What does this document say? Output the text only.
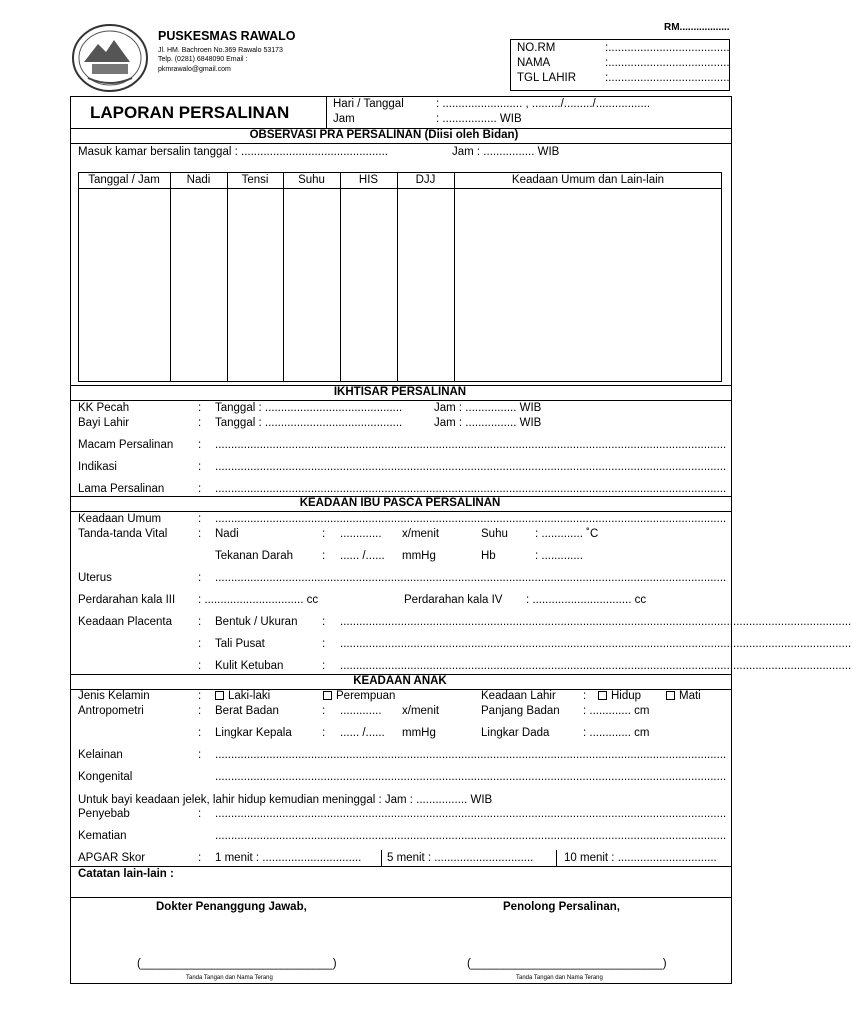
PUSKESMAS RAWALO
Jl. HM. Bachroen No.369 Rawalo 53173
Telp. (0281) 6848090 Email :
pkmrawalo@gmail.com
RM..................
NO.RM	:......................................
NAMA	:......................................
TGL LAHIR	:......................................
LAPORAN PERSALINAN	Hari / Tanggal	: ......................... , ........./........./.................
Jam	: ................. WIB
OBSERVASI PRA PERSALINAN (Diisi oleh Bidan)
Masuk kamar bersalin tanggal : ..............................................	Jam : ................ WIB
Tanggal / Jam	Nadi	Tensi	Suhu	HIS	DJJ	Keadaan Umum dan Lain-lain
IKHTISAR PERSALINAN
KK Pecah	: Tanggal : ...........................................	Jam : ................ WIB
Bayi Lahir	: Tanggal : ...........................................	Jam : ................ WIB
Macam Persalinan : ................................................................................................................................................................
Indikasi	: ................................................................................................................................................................
Lama Persalinan	: ................................................................................................................................................................
KEADAAN IBU PASCA PERSALINAN
Keadaan Umum	: ................................................................................................................................................................
Tanda-tanda Vital	: Nadi	: ............. x/menit	Suhu : ............. ˚C
Tekanan Darah	: ...... /...... mmHg	Hb	: .............
Uterus	: ................................................................................................................................................................
Perdarahan kala III : ............................... cc	Perdarahan kala IV : ............................... cc
Keadaan Placenta : Bentuk / Ukuran : ................................................................................................................................................................
: Tali Pusat	: ................................................................................................................................................................
: Kulit Ketuban	: ................................................................................................................................................................
KEADAAN ANAK
Jenis Kelamin	:	Laki-laki	Perempuan	Keadaan Lahir :	Hidup	Mati
Antropometri	: Berat Badan	: ............. x/menit	Panjang Badan : ............. cm
: Lingkar Kepala	: ...... /...... mmHg	Lingkar Dada	: ............. cm
Kelainan	: ................................................................................................................................................................
Kongenital	................................................................................................................................................................
Untuk bayi keadaan jelek, lahir hidup kemudian meninggal : Jam : ................ WIB
Penyebab	: ................................................................................................................................................................
Kematian	................................................................................................................................................................
APGAR Skor	: 1 menit : ............................... 5 menit : ...............................	10 menit : ...............................
Catatan lain-lain :
Dokter Penanggung Jawab,	Penolong Persalinan,
(______________________________)	(______________________________)
Tanda Tangan dan Nama Terang	Tanda Tangan dan Nama Terang
